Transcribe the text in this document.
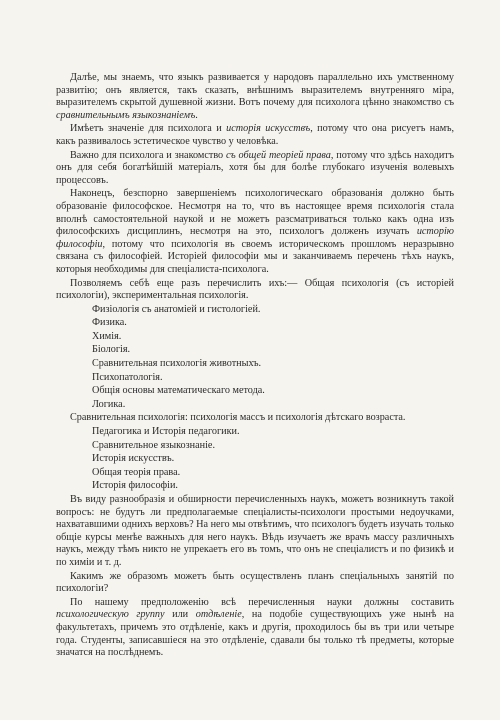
Далѣе, мы знаемъ, что языкъ развивается у народовъ параллельно ихъ умственному развитію; онъ является, такъ сказать, внѣшнимъ выразителемъ внутренняго міра, выразителемъ скрытой душевной жизни. Вотъ почему для психолога цѣнно знакомство съ сравнительнымъ языкознаніемъ.

Имѣетъ значеніе для психолога и исторія искусствъ, потому что она рисуетъ намъ, какъ развивалось эстетическое чувство у человѣка.

Важно для психолога и знакомство съ общей теоріей права, потому что здѣсь находитъ онъ для себя богатѣйшій матеріалъ, хотя бы для болѣе глубокаго изученія волевыхъ процессовъ.

Наконецъ, безспорно завершеніемъ психологическаго образованія должно быть образованіе философское. Несмотря на то, что въ настоящее время психологія стала вполнѣ самостоятельной наукой и не можетъ разсматриваться только какъ одна изъ философскихъ дисциплинъ, несмотря на это, психологъ долженъ изучать исторію философіи, потому что психологія въ своемъ историческомъ прошломъ неразрывно связана съ философіей. Исторіей философіи мы и заканчиваемъ перечень тѣхъ наукъ, которыя необходимы для спеціалиста-психолога.

Позволяемъ себѣ еще разъ перечислить ихъ:— Общая психологія (съ исторіей психологіи), экспериментальная психологія.

Физіологія съ анатоміей и гистологіей.
Физика.
Химія.
Біологія.
Сравнительная психологія животныхъ.
Психопатологія.
Общія основы математическаго метода.
Логика.

Сравнительная психологія: психологія массъ и психологія дѣтскаго возраста.

Педагогика и Исторія педагогики.
Сравнительное языкознаніе.
Исторія искусствъ.
Общая теорія права.
Исторія философіи.

Въ виду разнообразія и обширности перечисленныхъ наукъ, можетъ возникнуть такой вопросъ: не будутъ ли предполагаемые спеціалисты-психологи простыми недоучками, нахватавшими однихъ верховъ? На него мы отвѣтимъ, что психологъ будетъ изучать только общіе курсы менѣе важныхъ для него наукъ. Вѣдь изучаетъ же врачъ массу различныхъ наукъ, между тѣмъ никто не упрекаетъ его въ томъ, что онъ не спеціалистъ и по физикѣ и по химіи и т. д.

Какимъ же образомъ можетъ быть осуществленъ планъ спеціальныхъ занятій по психологіи?

По нашему предположенію всѣ перечисленныя науки должны составить психологическую группу или отдѣленіе, на подобіе существующихъ уже нынѣ на факультетахъ, причемъ это отдѣленіе, какъ и другія, проходилось бы въ три или четыре года. Студенты, записавшіеся на это отдѣленіе, сдавали бы только тѣ предметы, которые значатся на послѣднемъ.
